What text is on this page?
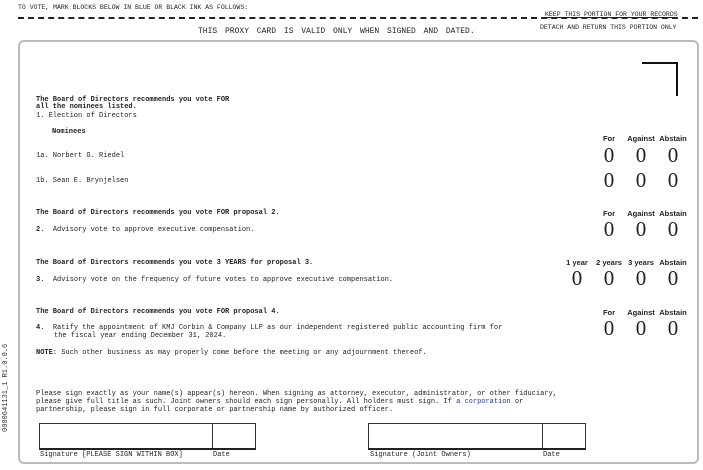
TO VOTE, MARK BLOCKS BELOW IN BLUE OR BLACK INK AS FOLLOWS:
KEEP THIS PORTION FOR YOUR RECORDS
THIS PROXY CARD IS VALID ONLY WHEN SIGNED AND DATED.	DETACH AND RETURN THIS PORTION ONLY
0000641131_1 R1.0.0.6
The Board of Directors recommends you vote FOR
all the nominees listed.
1. Election of Directors
Nominees
For	Against Abstain
1a. Norbert G. Riedel	0	0	0
1b. Sean E. Brynjelsen	0	0	0
The Board of Directors recommends you vote FOR proposal 2.	For	Against Abstain
2. Advisory vote to approve executive compensation.	0	0	0
The Board of Directors recommends you vote 3 YEARS for proposal 3.	1 year	2 years 3 years Abstain
3. Advisory vote on the frequency of future votes to approve executive compensation.	0	0	0	0
The Board of Directors recommends you vote FOR proposal 4.	For	Against Abstain
4. Ratify the appointment of KMJ Corbin & Company LLP as our independent registered public accounting firm for
the fiscal year ending December 31, 2024.	0	0	0
NOTE: Such other business as may properly come before the meeting or any adjournment thereof.
Please sign exactly as your name(s) appear(s) hereon. When signing as attorney, executor, administrator, or other fiduciary,
please give full title as such. Joint owners should each sign personally. All holders must sign. If a corporation or
partnership, please sign in full corporate or partnership name by authorized officer.
Signature [PLEASE SIGN WITHIN BOX]	Date	Signature (Joint Owners)	Date
